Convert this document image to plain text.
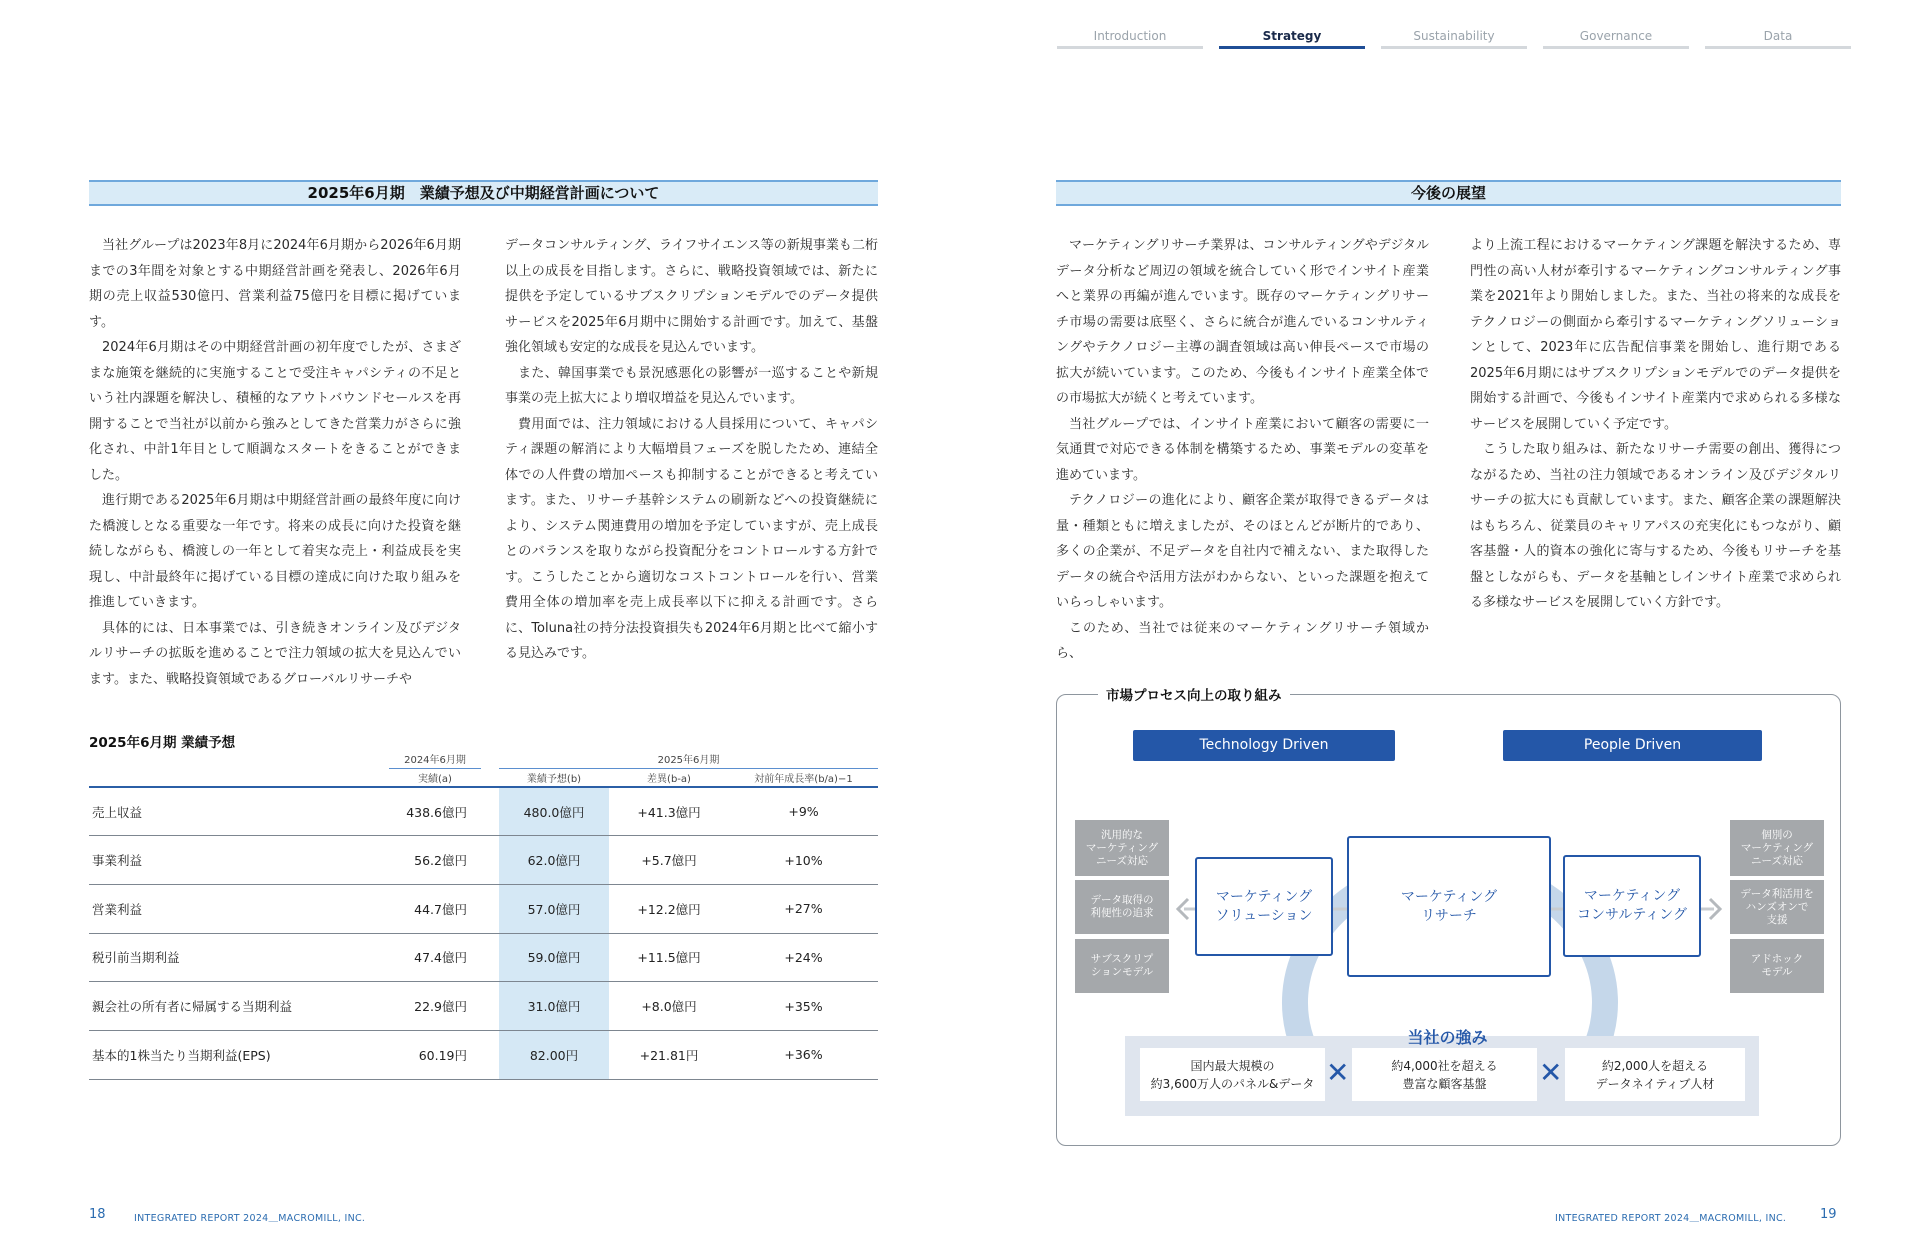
Introduction	Strategy	Sustainability	Governance	Data
2025年6月期　業績予想及び中期経営計画について

当社グループは2023年8月に2024年6月期から2026年6月期までの3年間を対象とする中期経営計画を発表し、2026年6月期の売上収益530億円、営業利益75億円を目標に掲げています。

2024年6月期はその中期経営計画の初年度でしたが、さまざまな施策を継続的に実施することで受注キャパシティの不足という社内課題を解決し、積極的なアウトバウンドセールスを再開することで当社が以前から強みとしてきた営業力がさらに強化され、中計1年目として順調なスタートをきることができました。

進行期である2025年6月期は中期経営計画の最終年度に向けた橋渡しとなる重要な一年です。将来の成長に向けた投資を継続しながらも、橋渡しの一年として着実な売上・利益成長を実現し、中計最終年に掲げている目標の達成に向けた取り組みを推進していきます。

具体的には、日本事業では、引き続きオンライン及びデジタルリサーチの拡販を進めることで注力領域の拡大を見込んでいます。また、戦略投資領域であるグローバルリサーチや

データコンサルティング、ライフサイエンス等の新規事業も二桁以上の成長を目指します。さらに、戦略投資領域では、新たに提供を予定しているサブスクリプションモデルでのデータ提供サービスを2025年6月期中に開始する計画です。加えて、基盤強化領域も安定的な成長を見込んでいます。

また、韓国事業でも景況感悪化の影響が一巡することや新規事業の売上拡大により増収増益を見込んでいます。

費用面では、注力領域における人員採用について、キャパシティ課題の解消により大幅増員フェーズを脱したため、連結全体での人件費の増加ペースも抑制することができると考えています。また、リサーチ基幹システムの刷新などへの投資継続により、システム関連費用の増加を予定していますが、売上成長とのバランスを取りながら投資配分をコントロールする方針です。こうしたことから適切なコストコントロールを行い、営業費用全体の増加率を売上成長率以下に抑える計画です。さらに、Toluna社の持分法投資損失も2024年6月期と比べて縮小する見込みです。

2025年6月期 業績予想
	2024年6月期		2025年6月期		
	実績(a)		業績予想(b)	差異(b-a)	対前年成長率(b/a)−1
売上収益	438.6億円		480.0億円	+41.3億円	+9%
事業利益	56.2億円		62.0億円	+5.7億円	+10%
営業利益	44.7億円		57.0億円	+12.2億円	+27%
税引前当期利益	47.4億円		59.0億円	+11.5億円	+24%
親会社の所有者に帰属する当期利益	22.9億円		31.0億円	+8.0億円	+35%
基本的1株当たり当期利益(EPS)	60.19円		82.00円	+21.81円	+36%
18	INTEGRATED REPORT 2024＿MACROMILL, INC.
今後の展望

マーケティングリサーチ業界は、コンサルティングやデジタルデータ分析など周辺の領域を統合していく形でインサイト産業へと業界の再編が進んでいます。既存のマーケティングリサーチ市場の需要は底堅く、さらに統合が進んでいるコンサルティングやテクノロジー主導の調査領域は高い伸長ペースで市場の拡大が続いています。このため、今後もインサイト産業全体での市場拡大が続くと考えています。

当社グループでは、インサイト産業において顧客の需要に一気通貫で対応できる体制を構築するため、事業モデルの変革を進めています。

テクノロジーの進化により、顧客企業が取得できるデータは量・種類ともに増えましたが、そのほとんどが断片的であり、多くの企業が、不足データを自社内で補えない、また取得したデータの統合や活用方法がわからない、といった課題を抱えていらっしゃいます。

このため、当社では従来のマーケティングリサーチ領域から、

より上流工程におけるマーケティング課題を解決するため、専門性の高い人材が牽引するマーケティングコンサルティング事業を2021年より開始しました。また、当社の将来的な成長をテクノロジーの側面から牽引するマーケティングソリューションとして、2023年に広告配信事業を開始し、進行期である2025年6月期にはサブスクリプションモデルでのデータ提供を開始する計画で、今後もインサイト産業内で求められる多様なサービスを展開していく予定です。

こうした取り組みは、新たなリサーチ需要の創出、獲得につながるため、当社の注力領域であるオンライン及びデジタルリサーチの拡大にも貢献しています。また、顧客企業の課題解決はもちろん、従業員のキャリアパスの充実化にもつながり、顧客基盤・人的資本の強化に寄与するため、今後もリサーチを基盤としながらも、データを基軸としインサイト産業で求められる多様なサービスを展開していく方針です。

市場プロセス向上の取り組み
Technology Driven	People Driven
汎用的な
マーケティング
ニーズ対応
データ取得の
利便性の追求
サブスクリプ
ションモデル
個別の
マーケティング
ニーズ対応
データ利活用を
ハンズオンで
支援
アドホック
モデル
マーケティング
ソリューション
マーケティング
リサーチ
マーケティング
コンサルティング
当社の強み
国内最大規模の
約3,600万人のパネル&データ ✕	約4,000社を超える
豊富な顧客基盤	✕	約2,000人を超える
データネイティブ人材
INTEGRATED REPORT 2024＿MACROMILL, INC.	19
